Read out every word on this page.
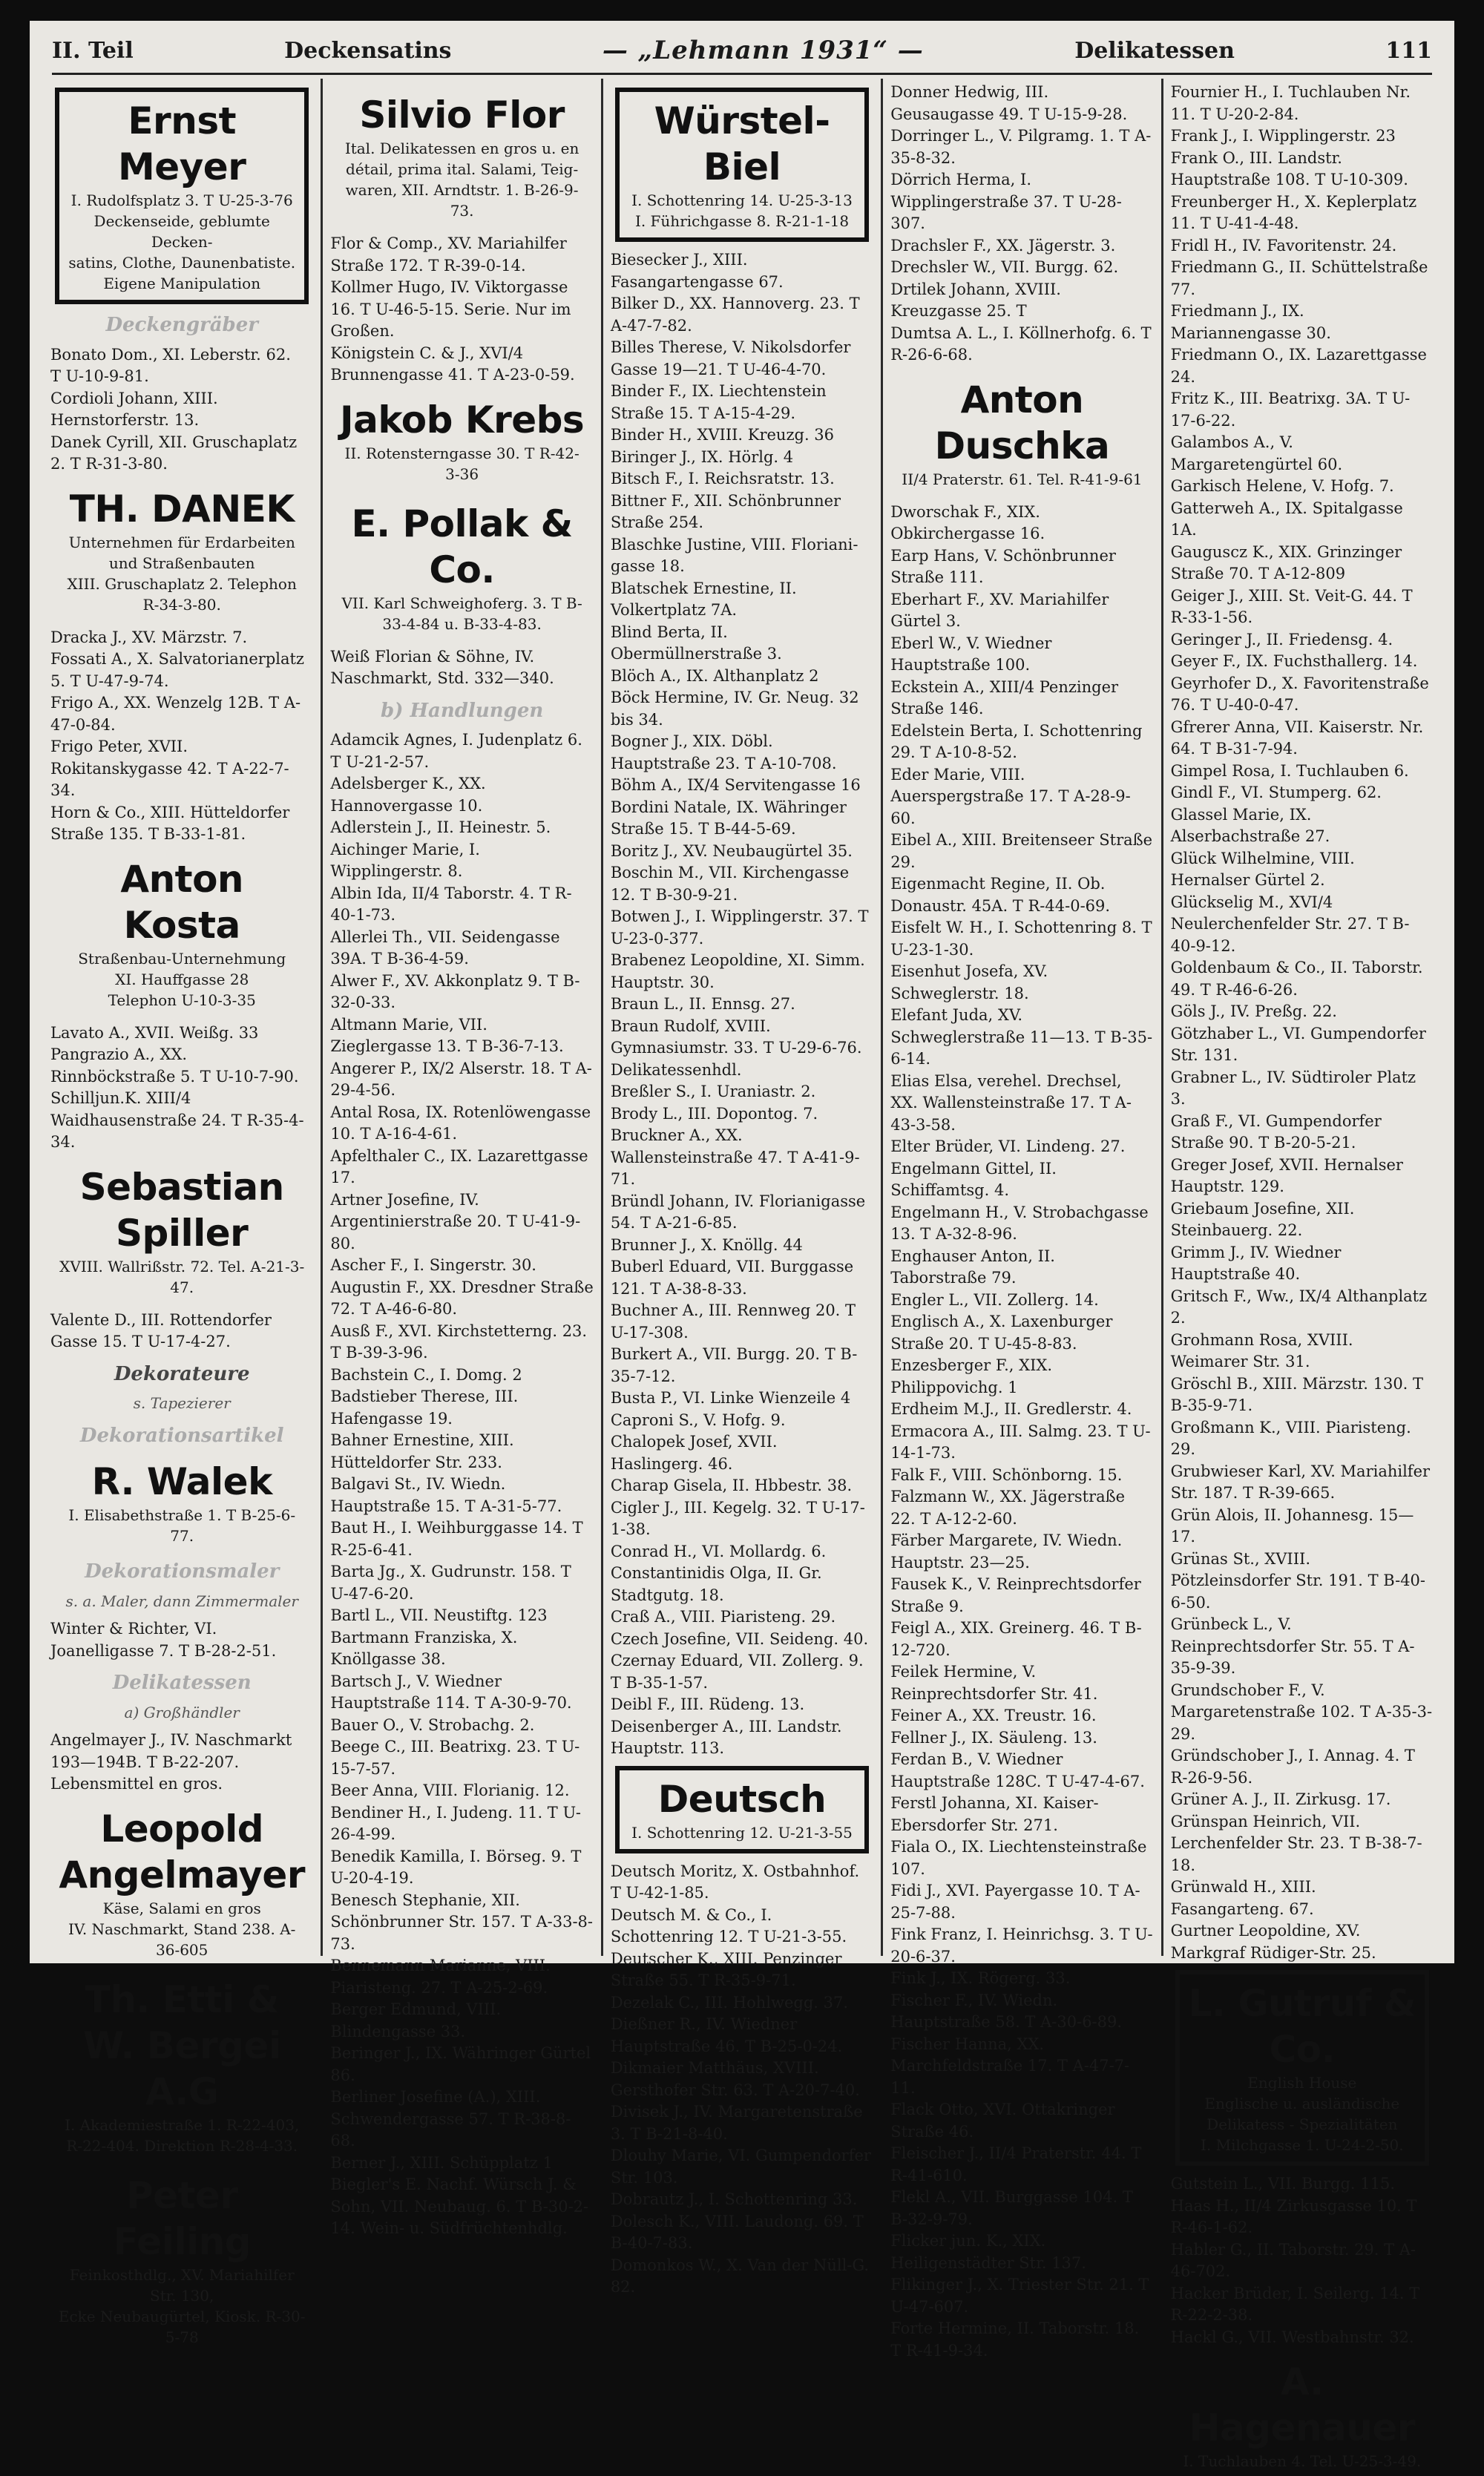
II. Teil	Deckensatins	— „Lehmann 1931“ —	Delikatessen	111
Ernst Meyer
I. Rudolfsplatz 3. T U-25-3-76
Deckenseide, geblumte Decken-
satins, Clothe, Daunenbatiste.
Eigene Manipulation
Deckengräber

Bonato Dom., XI. Leberstr. 62.

T U-10-9-81.

Cordioli Johann, XIII. Hernstorferstr. 13.

Danek Cyrill, XII. Gruschaplatz 2. T R-31-3-80.

TH. DANEK
Unternehmen für Erdarbeiten
und Straßenbauten
XIII. Gruschaplatz 2. Telephon R-34-3-80.

Dracka J., XV. Märzstr. 7.

Fossati A., X. Salvatorianerplatz 5. T U-47-9-74.

Frigo A., XX. Wenzelg 12B. T A-47-0-84.

Frigo Peter, XVII. Rokitanskygasse 42. T A-22-7-34.

Horn & Co., XIII. Hütteldorfer Straße 135. T B-33-1-81.

Anton Kosta
Straßenbau-Unternehmung
XI. Hauffgasse 28
Telephon U-10-3-35

Lavato A., XVII. Weißg. 33

Pangrazio A., XX. Rinnböckstraße 5. T U-10-7-90.

Schilljun.K. XIII/4 Waidhausenstraße 24. T R-35-4-34.

Sebastian Spiller
XVIII. Wallrißstr. 72. Tel. A-21-3-47.

Valente D., III. Rottendorfer Gasse 15. T U-17-4-27.

Dekorateure
s. Tapezierer
Dekorationsartikel
R. Walek
I. Elisabethstraße 1. T B-25-6-77.
Dekorationsmaler
s. a. Maler, dann Zimmermaler

Winter & Richter, VI. Joanelligasse 7. T B-28-2-51.

Delikatessen
a) Großhändler

Angelmayer J., IV. Naschmarkt 193—194B. T B-22-207. Lebensmittel en gros.

Leopold Angelmayer
Käse, Salami en gros
IV. Naschmarkt, Stand 238. A-36-605
Th. Etti & W. Bergei A.G
I. Akademiestraße 1. R-22-403,
R-22-404. Direktion R-28-4-33.
Peter Feiling
Feinkosthdlg., XV. Mariahilfer Str. 130,
Ecke Neubaugürtel, Kiosk. R-30-5-78
Silvio Flor
Ital. Delikatessen en gros u. en
détail, prima ital. Salami, Teig-
waren, XII. Arndtstr. 1. B-26-9-73.

Flor & Comp., XV. Mariahilfer Straße 172. T R-39-0-14.

Kollmer Hugo, IV. Viktorgasse 16. T U-46-5-15. Serie. Nur im Großen.

Königstein C. & J., XVI/4 Brunnengasse 41. T A-23-0-59.

Jakob Krebs
II. Rotensterngasse 30. T R-42-3-36
E. Pollak & Co.
VII. Karl Schweighoferg. 3. T B-33-4-84 u. B-33-4-83.

Weiß Florian & Söhne, IV. Naschmarkt, Std. 332—340.

b) Handlungen

Adamcik Agnes, I. Judenplatz 6. T U-21-2-57.

Adelsberger K., XX. Hannovergasse 10.

Adlerstein J., II. Heinestr. 5.

Aichinger Marie, I. Wipplingerstr. 8.

Albin Ida, II/4 Taborstr. 4. T R-40-1-73.

Allerlei Th., VII. Seidengasse 39A. T B-36-4-59.

Alwer F., XV. Akkonplatz 9. T B-32-0-33.

Altmann Marie, VII. Zieglergasse 13. T B-36-7-13.

Angerer P., IX/2 Alserstr. 18. T A-29-4-56.

Antal Rosa, IX. Rotenlöwengasse 10. T A-16-4-61.

Apfelthaler C., IX. Lazarettgasse 17.

Artner Josefine, IV. Argentinierstraße 20. T U-41-9-80.

Ascher F., I. Singerstr. 30.

Augustin F., XX. Dresdner Straße 72. T A-46-6-80.

Ausß F., XVI. Kirchstetterng. 23. T B-39-3-96.

Bachstein C., I. Domg. 2

Badstieber Therese, III. Hafengasse 19.

Bahner Ernestine, XIII. Hütteldorfer Str. 233.

Balgavi St., IV. Wiedn. Hauptstraße 15. T A-31-5-77.

Baut H., I. Weihburggasse 14. T R-25-6-41.

Barta Jg., X. Gudrunstr. 158. T U-47-6-20.

Bartl L., VII. Neustiftg. 123

Bartmann Franziska, X. Knöllgasse 38.

Bartsch J., V. Wiedner Hauptstraße 114. T A-30-9-70.

Bauer O., V. Strobachg. 2.

Beege C., III. Beatrixg. 23. T U-15-7-57.

Beer Anna, VIII. Florianig. 12.

Bendiner H., I. Judeng. 11. T U-26-4-99.

Benedik Kamilla, I. Börseg. 9. T U-20-4-19.

Benesch Stephanie, XII. Schönbrunner Str. 157. T A-33-8-73.

Bennemann Marianne, VIII. Piaristeng. 27. T A-25-2-69.

Berger Edmund, VIII. Blindengasse 33.

Beringer J., IX. Währinger Gürtel 86.

Berliner Josefine (A.), XIII. Schwendergasse 57. T R-38-8-68.

Berner J., XIII. Schüpplatz 1

Biegler's E. Nachf. Würsch J. & Sohn, VII. Neubaug. 6. T B-30-2-14. Wein- u. Südfrüchtenhdlg.

Würstel-Biel
I. Schottenring 14. U-25-3-13
I. Führichgasse 8. R-21-1-18

Biesecker J., XIII. Fasangartengasse 67.

Bilker D., XX. Hannoverg. 23. T A-47-7-82.

Billes Therese, V. Nikolsdorfer Gasse 19—21. T U-46-4-70.

Binder F., IX. Liechtenstein Straße 15. T A-15-4-29.

Binder H., XVIII. Kreuzg. 36

Biringer J., IX. Hörlg. 4

Bitsch F., I. Reichsratstr. 13.

Bittner F., XII. Schönbrunner Straße 254.

Blaschke Justine, VIII. Floriani-gasse 18.

Blatschek Ernestine, II. Volkertplatz 7A.

Blind Berta, II. Obermüllnerstraße 3.

Blöch A., IX. Althanplatz 2

Böck Hermine, IV. Gr. Neug. 32 bis 34.

Bogner J., XIX. Döbl. Hauptstraße 23. T A-10-708.

Böhm A., IX/4 Servitengasse 16

Bordini Natale, IX. Währinger Straße 15. T B-44-5-69.

Boritz J., XV. Neubaugürtel 35.

Boschin M., VII. Kirchengasse 12. T B-30-9-21.

Botwen J., I. Wipplingerstr. 37. T U-23-0-377.

Brabenez Leopoldine, XI. Simm. Hauptstr. 30.

Braun L., II. Ennsg. 27.

Braun Rudolf, XVIII. Gymnasiumstr. 33. T U-29-6-76. Delikatessenhdl.

Breßler S., I. Uraniastr. 2.

Brody L., III. Dopontog. 7.

Bruckner A., XX. Wallensteinstraße 47. T A-41-9-71.

Bründl Johann, IV. Florianigasse 54. T A-21-6-85.

Brunner J., X. Knöllg. 44

Buberl Eduard, VII. Burggasse 121. T A-38-8-33.

Buchner A., III. Rennweg 20. T U-17-308.

Burkert A., VII. Burgg. 20. T B-35-7-12.

Busta P., VI. Linke Wienzeile 4

Caproni S., V. Hofg. 9.

Chalopek Josef, XVII. Haslingerg. 46.

Charap Gisela, II. Hbbestr. 38.

Cigler J., III. Kegelg. 32. T U-17-1-38.

Conrad H., VI. Mollardg. 6.

Constantinidis Olga, II. Gr. Stadtgutg. 18.

Craß A., VIII. Piaristeng. 29.

Czech Josefine, VII. Seideng. 40.

Czernay Eduard, VII. Zollerg. 9. T B-35-1-57.

Deibl F., III. Rüdeng. 13.

Deisenberger A., III. Landstr. Hauptstr. 113.

Deutsch
I. Schottenring 12. U-21-3-55

Deutsch Moritz, X. Ostbahnhof. T U-42-1-85.

Deutsch M. & Co., I. Schottenring 12. T U-21-3-55.

Deutscher K., XIII. Penzinger Straße 55. T R-35-9-71.

Dezelak C., III. Hohlwegg. 37.

Dießner R., IV. Wiedner Hauptstraße 46. T B-25-0-24.

Dikmaier Matthäus, XVIII. Gersthofer Str. 63. T A-20-7-40.

Divisek J., IV. Margaretenstraße 3. T B-21-8-40.

Dlouhy Marie, VI. Gumpendorfer Str. 103.

Dobrautz J., I. Schottenring 33.

Dolesch K., VIII. Laudong. 69. T B-40-7-83.

Domonkos W., X. Van der Nüll-G. 82.

Donner Hedwig, III. Geusaugasse 49. T U-15-9-28.

Dorringer L., V. Pilgramg. 1. T A-35-8-32.

Dörrich Herma, I. Wipplingerstraße 37. T U-28-307.

Drachsler F., XX. Jägerstr. 3.

Drechsler W., VII. Burgg. 62.

Drtilek Johann, XVIII. Kreuzgasse 25. T

Dumtsa A. L., I. Köllnerhofg. 6. T R-26-6-68.

Anton Duschka
II/4 Praterstr. 61. Tel. R-41-9-61

Dworschak F., XIX. Obkirchergasse 16.

Earp Hans, V. Schönbrunner Straße 111.

Eberhart F., XV. Mariahilfer Gürtel 3.

Eberl W., V. Wiedner Hauptstraße 100.

Eckstein A., XIII/4 Penzinger Straße 146.

Edelstein Berta, I. Schottenring 29. T A-10-8-52.

Eder Marie, VIII. Auerspergstraße 17. T A-28-9-60.

Eibel A., XIII. Breitenseer Straße 29.

Eigenmacht Regine, II. Ob. Donaustr. 45A. T R-44-0-69.

Eisfelt W. H., I. Schottenring 8. T U-23-1-30.

Eisenhut Josefa, XV. Schweglerstr. 18.

Elefant Juda, XV. Schweglerstraße 11—13. T B-35-6-14.

Elias Elsa, verehel. Drechsel, XX. Wallensteinstraße 17. T A-43-3-58.

Elter Brüder, VI. Lindeng. 27.

Engelmann Gittel, II. Schiffamtsg. 4.

Engelmann H., V. Strobachgasse 13. T A-32-8-96.

Enghauser Anton, II. Taborstraße 79.

Engler L., VII. Zollerg. 14.

Englisch A., X. Laxenburger Straße 20. T U-45-8-83.

Enzesberger F., XIX. Philippovichg. 1

Erdheim M.J., II. Gredlerstr. 4.

Ermacora A., III. Salmg. 23. T U-14-1-73.

Falk F., VIII. Schönborng. 15.

Falzmann W., XX. Jägerstraße 22. T A-12-2-60.

Färber Margarete, IV. Wiedn. Hauptstr. 23—25.

Fausek K., V. Reinprechtsdorfer Straße 9.

Feigl A., XIX. Greinerg. 46. T B-12-720.

Feilek Hermine, V. Reinprechtsdorfer Str. 41.

Feiner A., XX. Treustr. 16.

Fellner J., IX. Säuleng. 13.

Ferdan B., V. Wiedner Hauptstraße 128C. T U-47-4-67.

Ferstl Johanna, XI. Kaiser-Ebersdorfer Str. 271.

Fiala O., IX. Liechtensteinstraße 107.

Fidi J., XVI. Payergasse 10. T A-25-7-88.

Fink Franz, I. Heinrichsg. 3. T U-20-6-37.

Fink J., IX. Rögerg. 33.

Fischer F., IV. Wiedn. Hauptstraße 58. T A-30-6-89.

Fischer Hanna, XX. Marchfeldstraße 17. T A-47-7-11.

Flack Otto, XVI. Ottakringer Straße 46.

Fleischer J., II/4 Praterstr. 44. T R-41-610.

Flekl A., VII. Burggasse 104. T B-32-9-79.

Flicker jun. K., XIX. Heiligenstädter Str. 137.

Flikinger J., X. Triester Str. 21. T U-47-607.

Forte Hermine, II. Taborstr. 18. T R-41-9-34.

Fournier H., I. Tuchlauben Nr. 11. T U-20-2-84.

Frank J., I. Wipplingerstr. 23

Frank O., III. Landstr. Hauptstraße 108. T U-10-309.

Freunberger H., X. Keplerplatz 11. T U-41-4-48.

Fridl H., IV. Favoritenstr. 24.

Friedmann G., II. Schüttelstraße 77.

Friedmann J., IX. Mariannengasse 30.

Friedmann O., IX. Lazarettgasse 24.

Fritz K., III. Beatrixg. 3A. T U-17-6-22.

Galambos A., V. Margaretengürtel 60.

Garkisch Helene, V. Hofg. 7.

Gatterweh A., IX. Spitalgasse 1A.

Gauguscz K., XIX. Grinzinger Straße 70. T A-12-809

Geiger J., XIII. St. Veit-G. 44. T R-33-1-56.

Geringer J., II. Friedensg. 4.

Geyer F., IX. Fuchsthallerg. 14.

Geyrhofer D., X. Favoritenstraße 76. T U-40-0-47.

Gfrerer Anna, VII. Kaiserstr. Nr. 64. T B-31-7-94.

Gimpel Rosa, I. Tuchlauben 6.

Gindl F., VI. Stumperg. 62.

Glassel Marie, IX. Alserbachstraße 27.

Glück Wilhelmine, VIII. Hernalser Gürtel 2.

Glückselig M., XVI/4 Neulerchenfelder Str. 27. T B-40-9-12.

Goldenbaum & Co., II. Taborstr. 49. T R-46-6-26.

Göls J., IV. Preßg. 22.

Götzhaber L., VI. Gumpendorfer Str. 131.

Grabner L., IV. Südtiroler Platz 3.

Graß F., VI. Gumpendorfer Straße 90. T B-20-5-21.

Greger Josef, XVII. Hernalser Hauptstr. 129.

Griebaum Josefine, XII. Steinbauerg. 22.

Grimm J., IV. Wiedner Hauptstraße 40.

Gritsch F., Ww., IX/4 Althanplatz 2.

Grohmann Rosa, XVIII. Weimarer Str. 31.

Gröschl B., XIII. Märzstr. 130. T B-35-9-71.

Großmann K., VIII. Piaristeng. 29.

Grubwieser Karl, XV. Mariahilfer Str. 187. T R-39-665.

Grün Alois, II. Johannesg. 15—17.

Grünas St., XVIII. Pötzleinsdorfer Str. 191. T B-40-6-50.

Grünbeck L., V. Reinprechtsdorfer Str. 55. T A-35-9-39.

Grundschober F., V. Margaretenstraße 102. T A-35-3-29.

Gründschober J., I. Annag. 4. T R-26-9-56.

Grüner A. J., II. Zirkusg. 17.

Grünspan Heinrich, VII. Lerchenfelder Str. 23. T B-38-7-18.

Grünwald H., XIII. Fasangarteng. 67.

Gurtner Leopoldine, XV. Markgraf Rüdiger-Str. 25.

L. Gutruf & Co.
English House
Englische u. ausländische
Delikatess - Spezialitäten
I. Milchgasse 1. U-24-2-50.

Gutstein L., VII. Burgg. 115.

Haas H., II/4 Zirkusgasse 10. T R-46-1-62.

Habler G., II. Taborstr. 29. T A-46-702.

Hacker Brüder, I. Seilerg. 14. T R-22-2-38.

Hackl G., VII. Westbahnstr. 32.

A. Hagenauer
I. Tuchlauben 4. Tel. U-25-3-49.
